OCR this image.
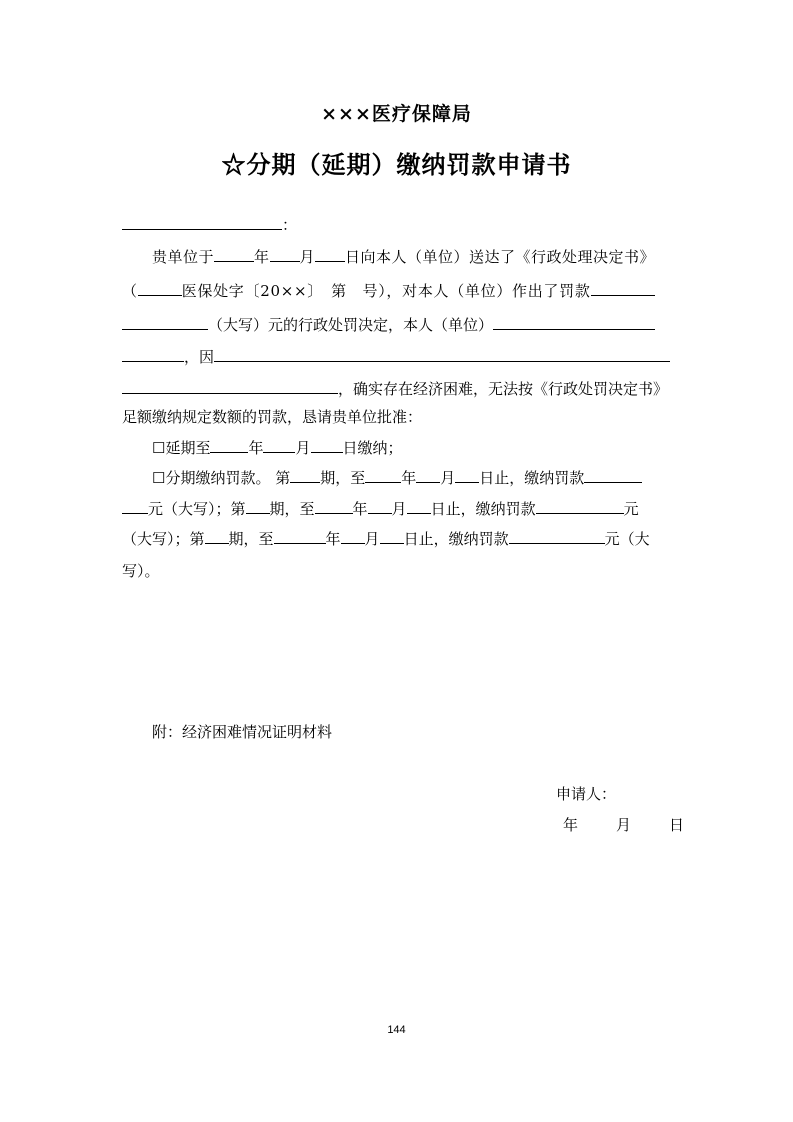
×××医疗保障局
☆分期（延期）缴纳罚款申请书
：
贵单位于	年 月 日向本人（单位）送达了《行政处理决定书》
（	医保处字〔20××〕　第　号），对本人（单位）作出了罚款
（大写）元的行政处罚决定，本人（单位）
，因
，确实存在经济困难，无法按《行政处罚决定书》
足额缴纳规定数额的罚款，恳请贵单位批准：
☐延期至	年 月 日缴纳；
☐分期缴纳罚款。 第 期，至 年 月 日止，缴纳罚款
元（大写）；第 期，至	年 月 日止，缴纳罚款	元
（大写）；第 期，至	年 月 日止，缴纳罚款	元（大
写）。
附：经济困难情况证明材料
申请人：
年	月	日
144
